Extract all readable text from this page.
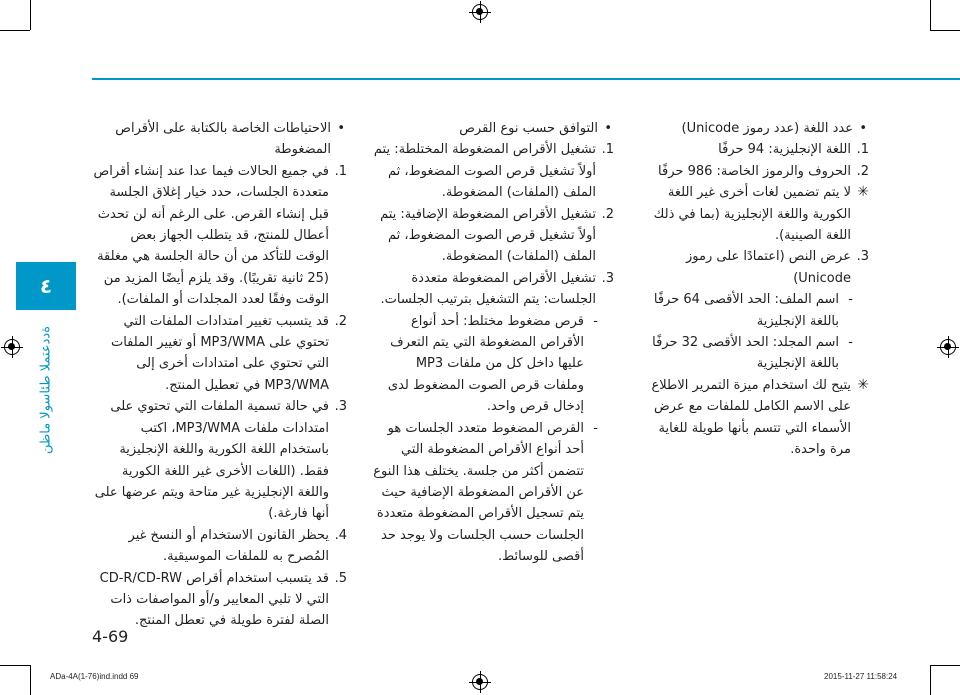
٤
ةددعتملا طئاسولا ماظن
• عدد اللغة (عدد رموز Unicode)
.1
اللغة الإنجليزية: 94 حرفًا
.2
الحروف والرموز الخاصة: 986 حرفًا
✳
لا يتم تضمين لغات أخرى غير اللغة الكورية واللغة الإنجليزية (بما في ذلك اللغة الصينية).
.3
عرض النص (اعتمادًا على رموز Unicode)
- اسم الملف: الحد الأقصى 64 حرفًا باللغة الإنجليزية
- اسم المجلد: الحد الأقصى 32 حرفًا باللغة الإنجليزية
✳
يتيح لك استخدام ميزة التمرير الاطلاع على الاسم الكامل للملفات مع عرض الأسماء التي تتسم بأنها طويلة للغاية مرة واحدة.
• التوافق حسب نوع القرص
.1
تشغيل الأقراص المضغوطة المختلطة: يتم أولاً تشغيل قرص الصوت المضغوط، ثم الملف (الملفات) المضغوطة.
.2
تشغيل الأقراص المضغوطة الإضافية: يتم أولاً تشغيل قرص الصوت المضغوط، ثم الملف (الملفات) المضغوطة.
.3
تشغيل الأقراص المضغوطة متعددة الجلسات: يتم التشغيل بترتيب الجلسات.
- قرص مضغوط مختلط: أحد أنواع الأقراص المضغوطة التي يتم التعرف عليها داخل كل من ملفات MP3 وملفات قرص الصوت المضغوط لدى إدخال قرص واحد.
- القرص المضغوط متعدد الجلسات هو أحد أنواع الأقراص المضغوطة التي تتضمن أكثر من جلسة. يختلف هذا النوع عن الأقراص المضغوطة الإضافية حيث يتم تسجيل الأقراص المضغوطة متعددة الجلسات حسب الجلسات ولا يوجد حد أقصى للوسائط.
• الاحتياطات الخاصة بالكتابة على الأقراص المضغوطة
.1
في جميع الحالات فيما عدا عند إنشاء أقراص متعددة الجلسات، حدد خيار إغلاق الجلسة قبل إنشاء القرص. على الرغم أنه لن تحدث أعطال للمنتج، قد يتطلب الجهاز بعض الوقت للتأكد من أن حالة الجلسة هي مغلقة (25 ثانية تقريبًا). وقد يلزم أيضًا المزيد من الوقت وفقًا لعدد المجلدات أو الملفات).
.2
قد يتسبب تغيير امتدادات الملفات التي تحتوي على MP3/WMA أو تغيير الملفات التي تحتوي على امتدادات أخرى إلى MP3/WMA في تعطيل المنتج.
.3
في حالة تسمية الملفات التي تحتوي على امتدادات ملفات MP3/WMA، اكتب باستخدام اللغة الكورية واللغة الإنجليزية فقط. (اللغات الأخرى غير اللغة الكورية واللغة الإنجليزية غير متاحة ويتم عرضها على أنها فارغة.)
.4
يحظر القانون الاستخدام أو النسخ غير المُصرح به للملفات الموسيقية.
.5
قد يتسبب استخدام أقراص CD-R/CD-RW التي لا تلبي المعايير و/أو المواصفات ذات الصلة لفترة طويلة في تعطل المنتج.
4-69
ADa-4A(1-76)ind.indd 69	2015-11-27 11:58:24
